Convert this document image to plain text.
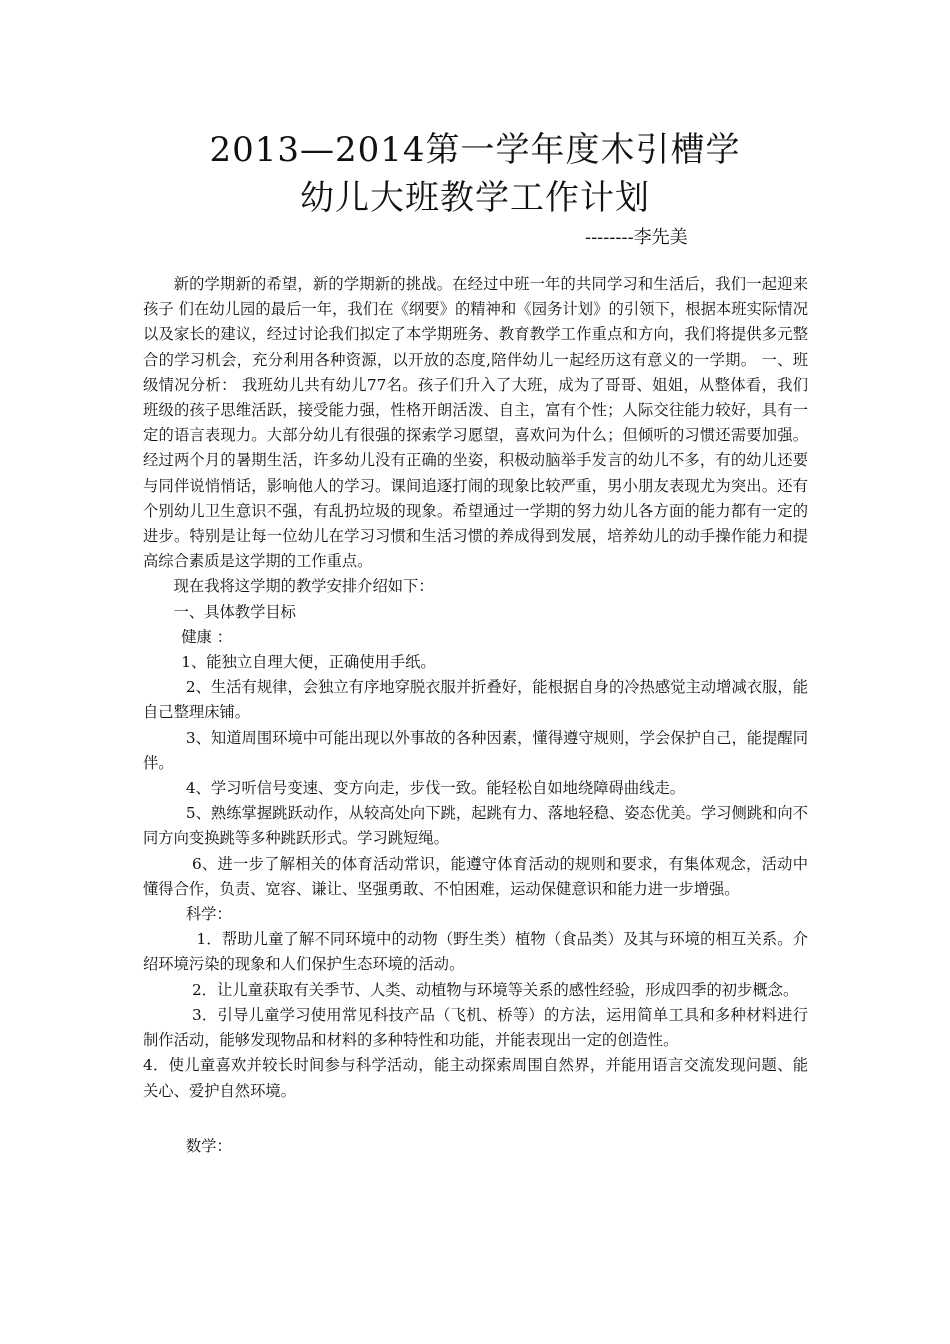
2013—2014第一学年度木引槽学
幼儿大班教学工作计划
--------李先美

新的学期新的希望，新的学期新的挑战。在经过中班一年的共同学习和生活后，我们一起迎来孩子 们在幼儿园的最后一年，我们在《纲要》的精神和《园务计划》的引领下，根据本班实际情况以及家长的建议，经过讨论我们拟定了本学期班务、教育教学工作重点和方向，我们将提供多元整合的学习机会，充分利用各种资源，以开放的态度,陪伴幼儿一起经历这有意义的一学期。 一、班级情况分析： 我班幼儿共有幼儿77名。孩子们升入了大班，成为了哥哥、姐姐，从整体看，我们班级的孩子思维活跃，接受能力强，性格开朗活泼、自主，富有个性；人际交往能力较好，具有一定的语言表现力。大部分幼儿有很强的探索学习愿望，喜欢问为什么；但倾听的习惯还需要加强。经过两个月的暑期生活，许多幼儿没有正确的坐姿，积极动脑举手发言的幼儿不多，有的幼儿还要与同伴说悄悄话，影响他人的学习。课间追逐打闹的现象比较严重，男小朋友表现尤为突出。还有个别幼儿卫生意识不强，有乱扔垃圾的现象。希望通过一学期的努力幼儿各方面的能力都有一定的进步。特别是让每一位幼儿在学习习惯和生活习惯的养成得到发展，培养幼儿的动手操作能力和提高综合素质是这学期的工作重点。

现在我将这学期的教学安排介绍如下：

一、具体教学目标

健康 ：

1、能独立自理大便，正确使用手纸。

2、生活有规律，会独立有序地穿脱衣服并折叠好，能根据自身的冷热感觉主动增减衣服，能自己整理床铺。

3、知道周围环境中可能出现以外事故的各种因素，懂得遵守规则，学会保护自己，能提醒同伴。

4、学习听信号变速、变方向走，步伐一致。能轻松自如地绕障碍曲线走。

5、熟练掌握跳跃动作，从较高处向下跳，起跳有力、落地轻稳、姿态优美。学习侧跳和向不同方向变换跳等多种跳跃形式。学习跳短绳。

6、进一步了解相关的体育活动常识，能遵守体育活动的规则和要求，有集体观念，活动中懂得合作，负责、宽容、谦让、坚强勇敢、不怕困难，运动保健意识和能力进一步增强。

科学：

1．帮助儿童了解不同环境中的动物（野生类）植物（食品类）及其与环境的相互关系。介绍环境污染的现象和人们保护生态环境的活动。

2．让儿童获取有关季节、人类、动植物与环境等关系的感性经验，形成四季的初步概念。

3．引导儿童学习使用常见科技产品（飞机、桥等）的方法，运用简单工具和多种材料进行制作活动，能够发现物品和材料的多种特性和功能，并能表现出一定的创造性。

4．使儿童喜欢并较长时间参与科学活动，能主动探索周围自然界，并能用语言交流发现问题、能关心、爱护自然环境。

数学：
